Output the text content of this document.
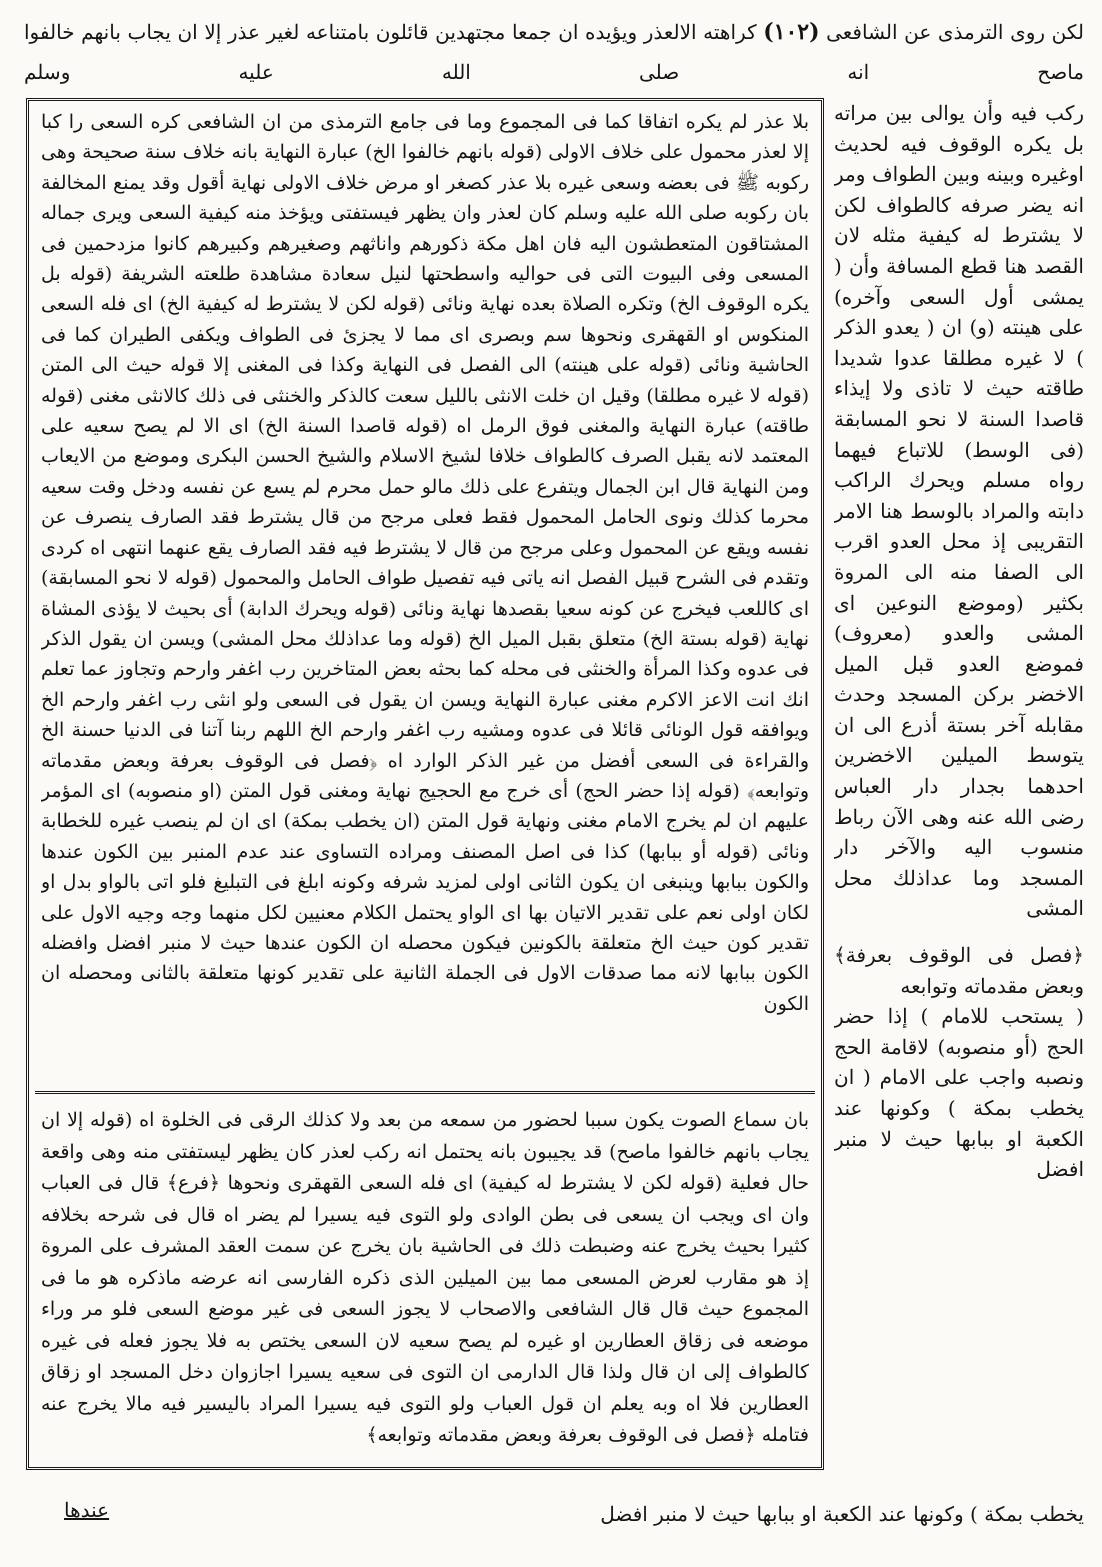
لكن روى الترمذى عن الشافعى (١٠٢) كراهته الالعذر ويؤيده ان جمعا مجتهدين قائلون بامتناعه لغير عذر إلا ان يجاب بانهم خالفوا
ماصح انه صلى الله عليه وسلم
بلا عذر لم يكره اتفاقا كما فى المجموع وما فى جامع الترمذى من ان الشافعى كره السعى را كبا إلا لعذر محمول على خلاف الاولى (قوله بانهم خالفوا الخ) عبارة النهاية بانه خلاف سنة صحيحة وهى ركوبه ﷺ فى بعضه وسعى غيره بلا عذر كصغر او مرض خلاف الاولى نهاية أقول وقد يمنع المخالفة بان ركوبه صلى الله عليه وسلم كان لعذر وان يظهر فيستفتى ويؤخذ منه كيفية السعى ويرى جماله المشتاقون المتعطشون اليه فان اهل مكة ذكورهم واناثهم وصغيرهم وكبيرهم كانوا مزدحمين فى المسعى وفى البيوت التى فى حواليه واسطحتها لنيل سعادة مشاهدة طلعته الشريفة (قوله بل يكره الوقوف الخ) وتكره الصلاة بعده نهاية ونائى (قوله لكن لا يشترط له كيفية الخ) اى فله السعى المنكوس او القهقرى ونحوها سم وبصرى اى مما لا يجزئ فى الطواف ويكفى الطيران كما فى الحاشية ونائى (قوله على هينته) الى الفصل فى النهاية وكذا فى المغنى إلا قوله حيث الى المتن (قوله لا غيره مطلقا) وقيل ان خلت الانثى بالليل سعت كالذكر والخنثى فى ذلك كالانثى مغنى (قوله طاقته) عبارة النهاية والمغنى فوق الرمل اه (قوله قاصدا السنة الخ) اى الا لم يصح سعيه على المعتمد لانه يقبل الصرف كالطواف خلافا لشيخ الاسلام والشيخ الحسن البكرى وموضع من الايعاب ومن النهاية قال ابن الجمال ويتفرع على ذلك مالو حمل محرم لم يسع عن نفسه ودخل وقت سعيه محرما كذلك ونوى الحامل المحمول فقط فعلى مرجح من قال يشترط فقد الصارف ينصرف عن نفسه ويقع عن المحمول وعلى مرجح من قال لا يشترط فيه فقد الصارف يقع عنهما انتهى اه كردى وتقدم فى الشرح قبيل الفصل انه ياتى فيه تفصيل طواف الحامل والمحمول (قوله لا نحو المسابقة) اى كاللعب فيخرج عن كونه سعيا بقصدها نهاية ونائى (قوله ويحرك الدابة) أى بحيث لا يؤذى المشاة نهاية (قوله بستة الخ) متعلق بقبل الميل الخ (قوله وما عداذلك محل المشى) ويسن ان يقول الذكر فى عدوه وكذا المرأة والخنثى فى محله كما بحثه بعض المتاخرين رب اغفر وارحم وتجاوز عما تعلم انك انت الاعز الاكرم مغنى عبارة النهاية ويسن ان يقول فى السعى ولو انثى رب اغفر وارحم الخ ويوافقه قول الونائى قائلا فى عدوه ومشيه رب اغفر وارحم الخ اللهم ربنا آتنا فى الدنيا حسنة الخ والقراءة فى السعى أفضل من غير الذكر الوارد اه ﴿فصل فى الوقوف بعرفة وبعض مقدماته وتوابعه﴾ (قوله إذا حضر الحج) أى خرج مع الحجيج نهاية ومغنى قول المتن (او منصوبه) اى المؤمر عليهم ان لم يخرج الامام مغنى ونهاية قول المتن (ان يخطب بمكة) اى ان لم ينصب غيره للخطابة ونائى (قوله أو ببابها) كذا فى اصل المصنف ومراده التساوى عند عدم المنبر بين الكون عندها والكون ببابها وينبغى ان يكون الثانى اولى لمزيد شرفه وكونه ابلغ فى التبليغ فلو اتى بالواو بدل او لكان اولى نعم على تقدير الاتيان بها اى الواو يحتمل الكلام معنيين لكل منهما وجه وجيه الاول على تقدير كون حيث الخ متعلقة بالكونين فيكون محصله ان الكون عندها حيث لا منبر افضل وافضله الكون ببابها لانه مما صدقات الاول فى الجملة الثانية على تقدير كونها متعلقة بالثانى ومحصله ان الكون
بان سماع الصوت يكون سببا لحضور من سمعه من بعد ولا كذلك الرقى فى الخلوة اه (قوله إلا ان يجاب بانهم خالفوا ماصح) قد يجيبون بانه يحتمل انه ركب لعذر كان يظهر ليستفتى منه وهى واقعة حال فعلية (قوله لكن لا يشترط له كيفية) اى فله السعى القهقرى ونحوها ﴿فرع﴾ قال فى العباب وان اى ويجب ان يسعى فى بطن الوادى ولو التوى فيه يسيرا لم يضر اه قال فى شرحه بخلافه كثيرا بحيث يخرج عنه وضبطت ذلك فى الحاشية بان يخرج عن سمت العقد المشرف على المروة إذ هو مقارب لعرض المسعى مما بين الميلين الذى ذكره الفارسى انه عرضه ماذكره هو ما فى المجموع حيث قال قال الشافعى والاصحاب لا يجوز السعى فى غير موضع السعى فلو مر وراء موضعه فى زقاق العطارين او غيره لم يصح سعيه لان السعى يختص به فلا يجوز فعله فى غيره كالطواف إلى ان قال ولذا قال الدارمى ان التوى فى سعيه يسيرا اجازوان دخل المسجد او زقاق العطارين فلا اه وبه يعلم ان قول العباب ولو التوى فيه يسيرا المراد باليسير فيه مالا يخرج عنه فتامله ﴿فصل فى الوقوف بعرفة وبعض مقدماته وتوابعه﴾

ركب فيه وأن يوالى بين مراته بل يكره الوقوف فيه لحديث اوغيره وبينه وبين الطواف ومر انه يضر صرفه كالطواف لكن لا يشترط له كيفية مثله لان القصد هنا قطع المسافة وأن ( يمشى أول السعى وآخره) على هينته (و) ان ( يعدو الذكر ) لا غيره مطلقا عدوا شديدا طاقته حيث لا تاذى ولا إيذاء قاصدا السنة لا نحو المسابقة (فى الوسط) للاتباع فيهما رواه مسلم ويحرك الراكب دابته والمراد بالوسط هنا الامر التقريبى إذ محل العدو اقرب الى الصفا منه الى المروة بكثير (وموضع النوعين اى المشى والعدو (معروف) فموضع العدو قبل الميل الاخضر بركن المسجد وحدث مقابله آخر بستة أذرع الى ان يتوسط الميلين الاخضرين احدهما بجدار دار العباس رضى الله عنه وهى الآن رباط منسوب اليه والآخر دار المسجد وما عداذلك محل المشى

﴿فصل فى الوقوف بعرفة﴾ وبعض مقدماته وتوابعه

( يستحب للامام ) إذا حضر الحج (أو منصوبه) لاقامة الحج ونصبه واجب على الامام ( ان يخطب بمكة ) وكونها عند الكعبة او ببابها حيث لا منبر افضل

يخطب بمكة ) وكونها عند الكعبة او ببابها حيث لا منبر افضل
عندها
